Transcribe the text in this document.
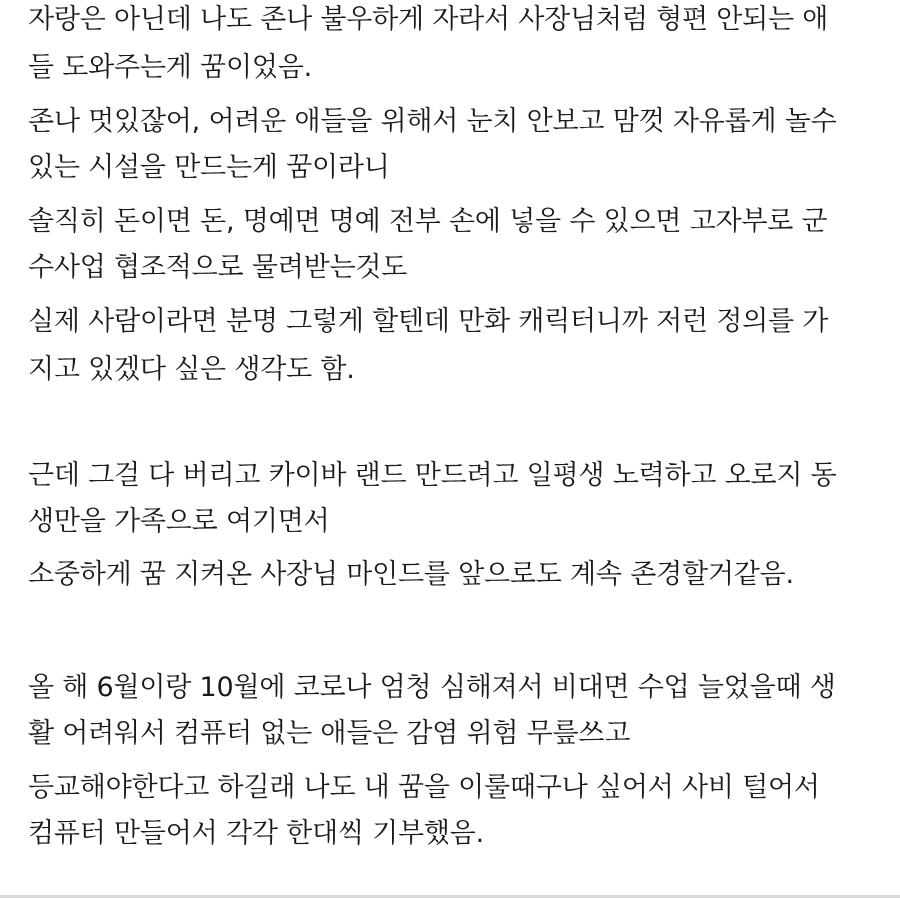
자랑은 아닌데 나도 존나 불우하게 자라서 사장님처럼 형편 안되는 애
들 도와주는게 꿈이었음.
존나 멋있잖어, 어려운 애들을 위해서 눈치 안보고 맘껏 자유롭게 놀수
있는 시설을 만드는게 꿈이라니
솔직히 돈이면 돈, 명예면 명예 전부 손에 넣을 수 있으면 고자부로 군
수사업 협조적으로 물려받는것도
실제 사람이라면 분명 그렇게 할텐데 만화 캐릭터니까 저런 정의를 가
지고 있겠다 싶은 생각도 함.
근데 그걸 다 버리고 카이바 랜드 만드려고 일평생 노력하고 오로지 동
생만을 가족으로 여기면서
소중하게 꿈 지켜온 사장님 마인드를 앞으로도 계속 존경할거같음.
올 해 6월이랑 10월에 코로나 엄청 심해져서 비대면 수업 늘었을때 생
활 어려워서 컴퓨터 없는 애들은 감염 위험 무릎쓰고
등교해야한다고 하길래 나도 내 꿈을 이룰때구나 싶어서 사비 털어서
컴퓨터 만들어서 각각 한대씩 기부했음.
